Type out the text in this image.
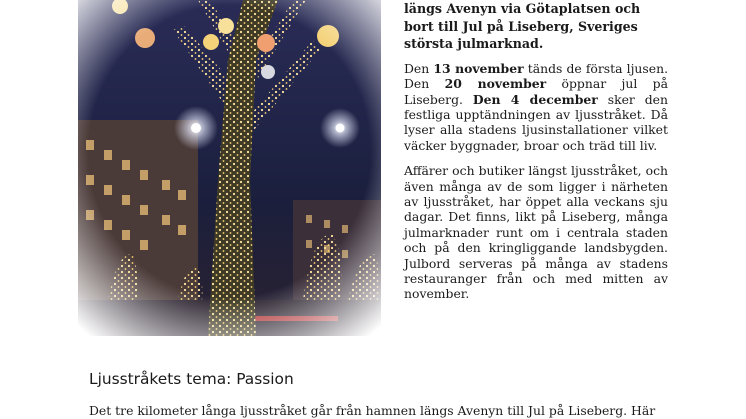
längs Avenyn via Götaplatsen och
bort till Jul på Liseberg, Sveriges
största julmarknad.

Den 13 november tänds de första ljusen. Den 20 november öppnar jul på Liseberg. Den 4 december sker den festliga upptändningen av ljusstråket. Då lyser alla stadens ljusinstallationer vilket väcker byggnader, broar och träd till liv.

Affärer och butiker längst ljusstråket, och även många av de som ligger i närheten av ljusstråket, har öppet alla veckans sju dagar. Det finns, likt på Liseberg, många julmarknader runt om i centrala staden och på den kringliggande landsbygden. Julbord serveras på många av stadens restauranger från och med mitten av november.

Ljusstråkets tema: Passion

Det tre kilometer långa ljusstråket går från hamnen längs Avenyn till Jul på Liseberg. Här
